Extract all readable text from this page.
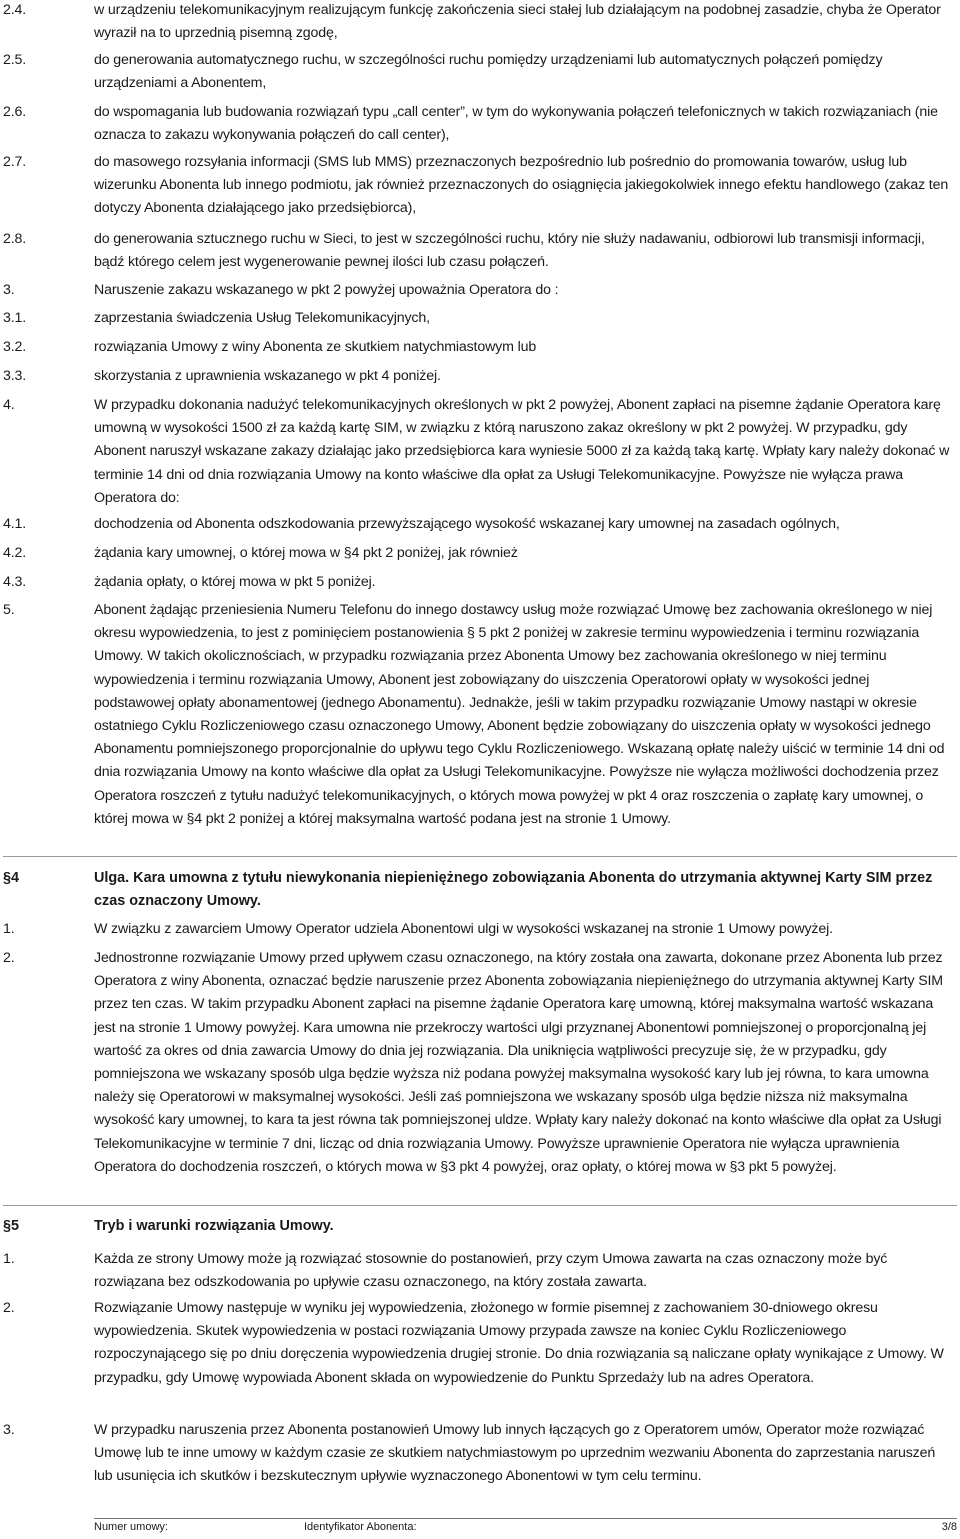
2.4.	w urządzeniu telekomunikacyjnym realizującym funkcję zakończenia sieci stałej lub działającym na podobnej zasadzie, chyba że Operator wyraził na to uprzednią pisemną zgodę,
2.5.	do generowania automatycznego ruchu, w szczególności ruchu pomiędzy urządzeniami lub automatycznych połączeń pomiędzy urządzeniami a Abonentem,
2.6.	do wspomagania lub budowania rozwiązań typu „call center”, w tym do wykonywania połączeń telefonicznych w takich rozwiązaniach (nie oznacza to zakazu wykonywania połączeń do call center),
2.7.	do masowego rozsyłania informacji (SMS lub MMS) przeznaczonych bezpośrednio lub pośrednio do promowania towarów, usług lub wizerunku Abonenta lub innego podmiotu, jak również przeznaczonych do osiągnięcia jakiegokolwiek innego efektu handlowego (zakaz ten dotyczy Abonenta działającego jako przedsiębiorca),
2.8.	do generowania sztucznego ruchu w Sieci, to jest w szczególności ruchu, który nie służy nadawaniu, odbiorowi lub transmisji informacji, bądź którego celem jest wygenerowanie pewnej ilości lub czasu połączeń.
3.	Naruszenie zakazu wskazanego w pkt 2 powyżej upoważnia Operatora do :
3.1.	zaprzestania świadczenia Usług Telekomunikacyjnych,
3.2.	rozwiązania Umowy z winy Abonenta ze skutkiem natychmiastowym lub
3.3.	skorzystania z uprawnienia wskazanego w pkt 4 poniżej.
4.	W przypadku dokonania nadużyć telekomunikacyjnych określonych w pkt 2 powyżej, Abonent zapłaci na pisemne żądanie Operatora karę umowną w wysokości 1500 zł za każdą kartę SIM, w związku z którą naruszono zakaz określony w pkt 2 powyżej. W przypadku, gdy Abonent naruszył wskazane zakazy działając jako przedsiębiorca kara wyniesie 5000 zł za każdą taką kartę. Wpłaty kary należy dokonać w terminie 14 dni od dnia rozwiązania Umowy na konto właściwe dla opłat za Usługi Telekomunikacyjne. Powyższe nie wyłącza prawa Operatora do:
4.1.	dochodzenia od Abonenta odszkodowania przewyższającego wysokość wskazanej kary umownej na zasadach ogólnych,
4.2.	żądania kary umownej, o której mowa w §4 pkt 2 poniżej, jak również
4.3.	żądania opłaty, o której mowa w pkt 5 poniżej.
5.	Abonent żądając przeniesienia Numeru Telefonu do innego dostawcy usług może rozwiązać Umowę bez zachowania określonego w niej okresu wypowiedzenia, to jest z pominięciem postanowienia § 5 pkt 2 poniżej w zakresie terminu wypowiedzenia i terminu rozwiązania Umowy. W takich okolicznościach, w przypadku rozwiązania przez Abonenta Umowy bez zachowania określonego w niej terminu wypowiedzenia i terminu rozwiązania Umowy, Abonent jest zobowiązany do uiszczenia Operatorowi opłaty w wysokości jednej podstawowej opłaty abonamentowej (jednego Abonamentu). Jednakże, jeśli w takim przypadku rozwiązanie Umowy nastąpi w okresie ostatniego Cyklu Rozliczeniowego czasu oznaczonego Umowy, Abonent będzie zobowiązany do uiszczenia opłaty w wysokości jednego Abonamentu pomniejszonego proporcjonalnie do upływu tego Cyklu Rozliczeniowego. Wskazaną opłatę należy uiścić w terminie 14 dni od dnia rozwiązania Umowy na konto właściwe dla opłat za Usługi Telekomunikacyjne. Powyższe nie wyłącza możliwości dochodzenia przez Operatora roszczeń z tytułu nadużyć telekomunikacyjnych, o których mowa powyżej w pkt 4 oraz roszczenia o zapłatę kary umownej, o której mowa w §4 pkt 2 poniżej a której maksymalna wartość podana jest na stronie 1 Umowy.
§4	Ulga. Kara umowna z tytułu niewykonania niepieniężnego zobowiązania Abonenta do utrzymania aktywnej Karty SIM przez czas oznaczony Umowy.
1.	W związku z zawarciem Umowy Operator udziela Abonentowi ulgi w wysokości wskazanej na stronie 1 Umowy powyżej.
2.	Jednostronne rozwiązanie Umowy przed upływem czasu oznaczonego, na który została ona zawarta, dokonane przez Abonenta lub przez Operatora z winy Abonenta, oznaczać będzie naruszenie przez Abonenta zobowiązania niepieniężnego do utrzymania aktywnej Karty SIM przez ten czas. W takim przypadku Abonent zapłaci na pisemne żądanie Operatora karę umowną, której maksymalna wartość wskazana jest na stronie 1 Umowy powyżej. Kara umowna nie przekroczy wartości ulgi przyznanej Abonentowi pomniejszonej o proporcjonalną jej wartość za okres od dnia zawarcia Umowy do dnia jej rozwiązania. Dla uniknięcia wątpliwości precyzuje się, że w przypadku, gdy pomniejszona we wskazany sposób ulga będzie wyższa niż podana powyżej maksymalna wysokość kary lub jej równa, to kara umowna należy się Operatorowi w maksymalnej wysokości. Jeśli zaś pomniejszona we wskazany sposób ulga będzie niższa niż maksymalna wysokość kary umownej, to kara ta jest równa tak pomniejszonej uldze. Wpłaty kary należy dokonać na konto właściwe dla opłat za Usługi Telekomunikacyjne w terminie 7 dni, licząc od dnia rozwiązania Umowy. Powyższe uprawnienie Operatora nie wyłącza uprawnienia Operatora do dochodzenia roszczeń, o których mowa w §3 pkt 4 powyżej, oraz opłaty, o której mowa w §3 pkt 5 powyżej.
§5	Tryb i warunki rozwiązania Umowy.
1.	Każda ze strony Umowy może ją rozwiązać stosownie do postanowień, przy czym Umowa zawarta na czas oznaczony może być rozwiązana bez odszkodowania po upływie czasu oznaczonego, na który została zawarta.
2.	Rozwiązanie Umowy następuje w wyniku jej wypowiedzenia, złożonego w formie pisemnej z zachowaniem 30-dniowego okresu wypowiedzenia. Skutek wypowiedzenia w postaci rozwiązania Umowy przypada zawsze na koniec Cyklu Rozliczeniowego rozpoczynającego się po dniu doręczenia wypowiedzenia drugiej stronie. Do dnia rozwiązania są naliczane opłaty wynikające z Umowy. W przypadku, gdy Umowę wypowiada Abonent składa on wypowiedzenie do Punktu Sprzedaży lub na adres Operatora.
3.	W przypadku naruszenia przez Abonenta postanowień Umowy lub innych łączących go z Operatorem umów, Operator może rozwiązać Umowę lub te inne umowy w każdym czasie ze skutkiem natychmiastowym po uprzednim wezwaniu Abonenta do zaprzestania naruszeń lub usunięcia ich skutków i bezskutecznym upływie wyznaczonego Abonentowi w tym celu terminu.
Numer umowy:	Identyfikator Abonenta:	3/8
